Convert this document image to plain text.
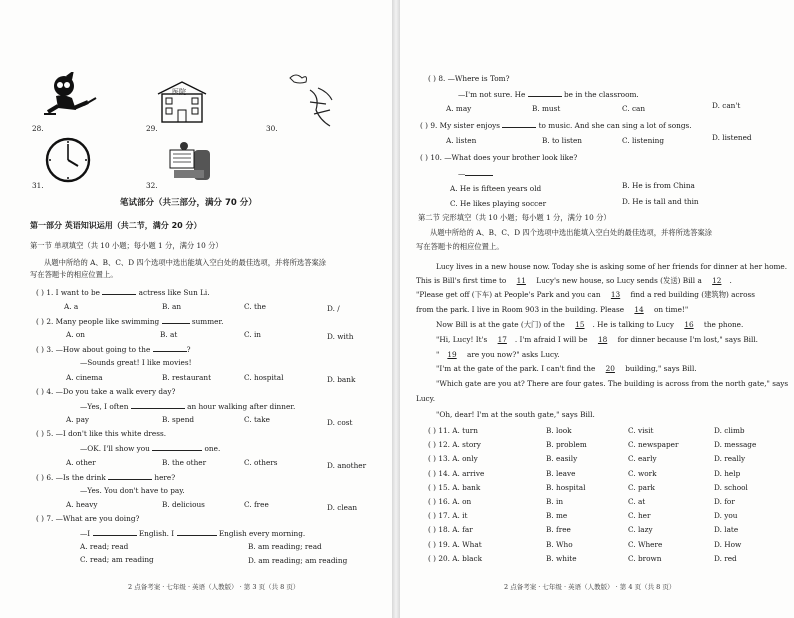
28.
医院
29.	30.
31.	32.
笔试部分（共三部分，满分 70 分）
第一部分 英语知识运用（共二节，满分 20 分）
第一节 单项填空（共 10 小题；每小题 1 分，满分 10 分）
从题中所给的 A、B、C、D 四个选项中选出能填入空白处的最佳选项，并将所选答案涂
写在答题卡的相应位置上。
( ) 1. I want to be	actress like Sun Li.
A. a	B. an	C. the	D. /
( ) 2. Many people like swimming	summer.
A. on	B. at	C. in	D. with
( ) 3. —How about going to the	?
—Sounds great! I like movies!
A. cinema	B. restaurant	C. hospital	D. bank
( ) 4. —Do you take a walk every day?
—Yes, I often	an hour walking after dinner.
A. pay	B. spend	C. take	D. cost
( ) 5. —I don't like this white dress.
—OK. I'll show you	one.
A. other	B. the other	C. others	D. another
( ) 6. —Is the drink	here?
—Yes. You don't have to pay.
A. heavy	B. delicious	C. free	D. clean
( ) 7. —What are you doing?
—I	English. I	English every morning.
A. read; read	B. am reading; read
C. read; am reading	D. am reading; am reading
2 点备考案 · 七年级 · 英语（人教版） · 第 3 页（共 8 页）
( ) 8. —Where is Tom?
—I'm not sure. He	be in the classroom.
A. may	B. must	C. can	D. can't
( ) 9. My sister enjoys	to music. And she can sing a lot of songs.
A. listen	B. to listen	C. listening	D. listened
( ) 10. —What does your brother look like?
—
A. He is fifteen years old	B. He is from China
C. He likes playing soccer	D. He is tall and thin
第二节 完形填空（共 10 小题；每小题 1 分，满分 10 分）
从题中所给的 A、B、C、D 四个选项中选出能填入空白处的最佳选项，并将所选答案涂
写在答题卡的相应位置上。
Lucy lives in a new house now. Today she is asking some of her friends for dinner at her home.
This is Bill's first time to 11 Lucy's new house, so Lucy sends (发送) Bill a 12 .
"Please get off (下车) at People's Park and you can 13 find a red building (建筑物) across
from the park. I live in Room 903 in the building. Please 14 on time!"
Now Bill is at the gate (大门) of the 15 . He is talking to Lucy 16 the phone.
"Hi, Lucy! It's 17 . I'm afraid I will be 18 for dinner because I'm lost," says Bill.
" 19 are you now?" asks Lucy.
"I'm at the gate of the park. I can't find the 20 building," says Bill.
"Which gate are you at? There are four gates. The building is across from the north gate," says
Lucy.
"Oh, dear! I'm at the south gate," says Bill.
( ) 11. A. turn	B. look	C. visit	D. climb
( ) 12. A. story	B. problem	C. newspaper	D. message
( ) 13. A. only	B. easily	C. early	D. really
( ) 14. A. arrive	B. leave	C. work	D. help
( ) 15. A. bank	B. hospital	C. park	D. school
( ) 16. A. on	B. in	C. at	D. for
( ) 17. A. it	B. me	C. her	D. you
( ) 18. A. far	B. free	C. lazy	D. late
( ) 19. A. What	B. Who	C. Where	D. How
( ) 20. A. black	B. white	C. brown	D. red
2 点备考案 · 七年级 · 英语（人教版） · 第 4 页（共 8 页）
